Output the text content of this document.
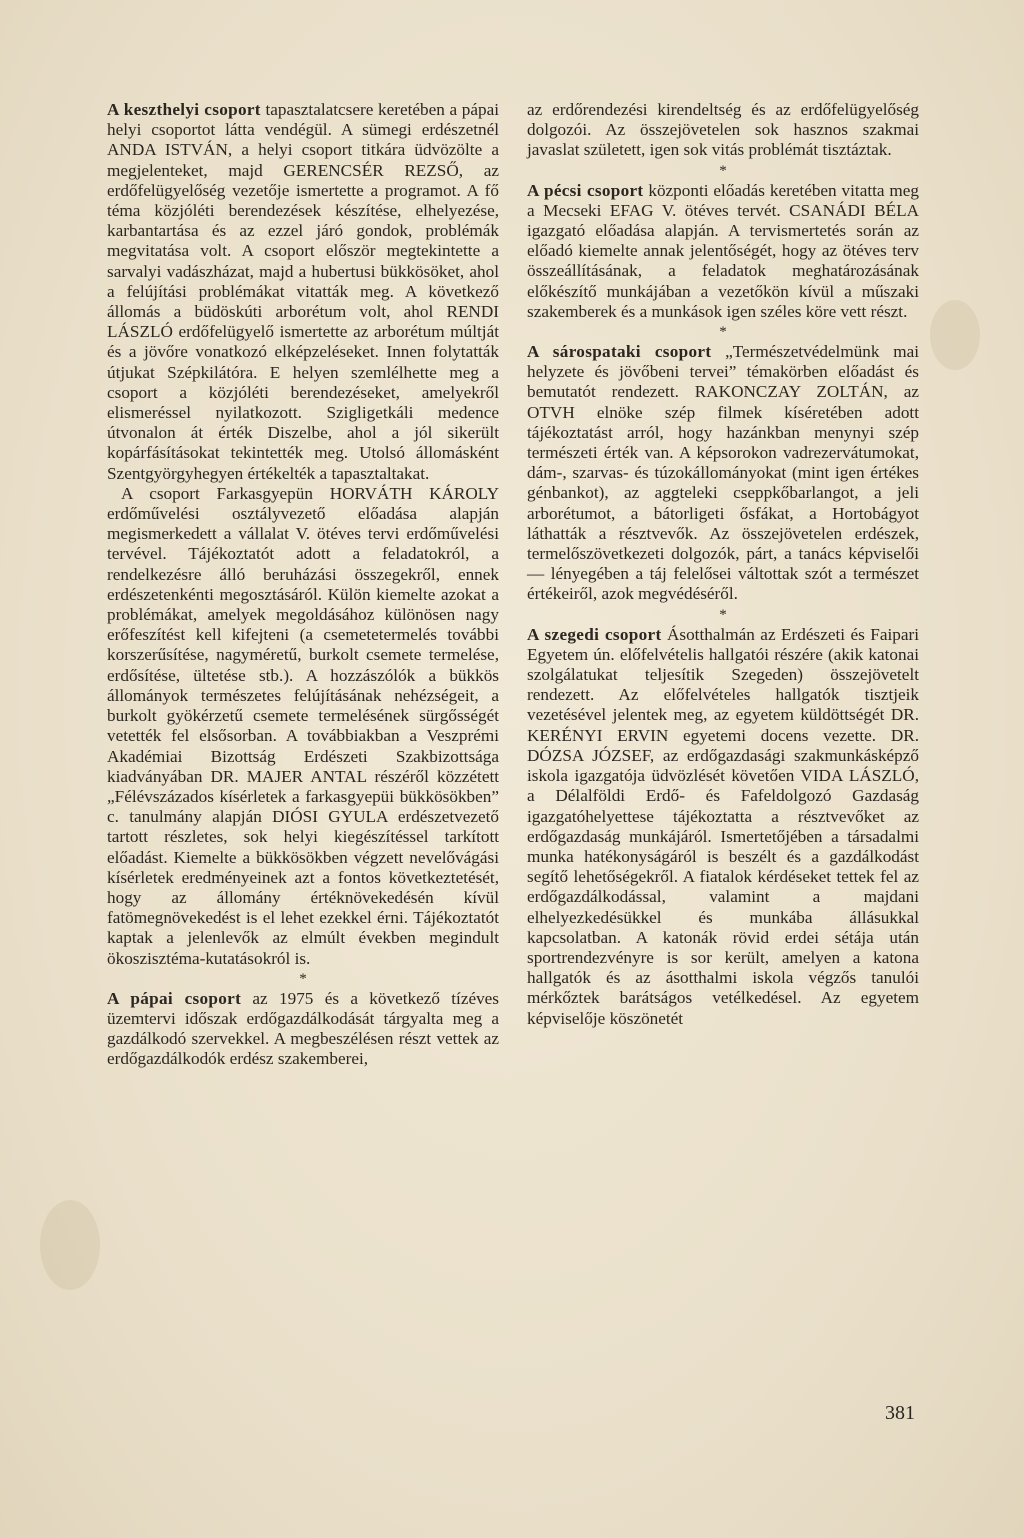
A keszthelyi csoport tapasztalatcsere keretében a pápai helyi csoportot látta vendégül. A sümegi erdészetnél ANDA ISTVÁN, a helyi csoport titkára üdvözölte a megjelenteket, majd GERENCSÉR REZSŐ, az erdőfelügyelőség vezetője ismertette a programot. A fő téma közjóléti berendezések készítése, elhelyezése, karbantartása és az ezzel járó gondok, problémák megvitatása volt. A csoport először megtekintette a sarvalyi vadászházat, majd a hubertusi bükkösöket, ahol a felújítási problémákat vitatták meg. A következő állomás a büdöskúti arborétum volt, ahol RENDI LÁSZLÓ erdőfelügyelő ismertette az arborétum múltját és a jövőre vonatkozó elképzeléseket. Innen folytatták útjukat Szépkilátóra. E helyen szemlélhette meg a csoport a közjóléti berendezéseket, amelyekről elismeréssel nyilatkozott. Szigligetkáli medence útvonalon át érték Diszelbe, ahol a jól sikerült kopárfásításokat tekintették meg. Utolsó állomásként Szentgyörgyhegyen értékelték a tapasztaltakat.

A csoport Farkasgyepün HORVÁTH KÁROLY erdőművelési osztályvezető előadása alapján megismerkedett a vállalat V. ötéves tervi erdőművelési tervével. Tájékoztatót adott a feladatokról, a rendelkezésre álló beruházási összegekről, ennek erdészetenkénti megosztásáról. Külön kiemelte azokat a problémákat, amelyek megoldásához különösen nagy erőfeszítést kell kifejteni (a csemetetermelés további korszerűsítése, nagyméretű, burkolt csemete termelése, erdősítése, ültetése stb.). A hozzászólók a bükkös állományok természetes felújításának nehézségeit, a burkolt gyökérzetű csemete termelésének sürgősségét vetették fel elsősorban. A továbbiakban a Veszprémi Akadémiai Bizottság Erdészeti Szakbizottsága kiadványában DR. MAJER ANTAL részéről közzétett „Félévszázados kísérletek a farkasgyepüi bükkösökben” c. tanulmány alapján DIÓSI GYULA erdészetvezető tartott részletes, sok helyi kiegészítéssel tarkított előadást. Kiemelte a bükkösökben végzett nevelővágási kísérletek eredményeinek azt a fontos következtetését, hogy az állomány értéknövekedésén kívül fatömegnövekedést is el lehet ezekkel érni. Tájékoztatót kaptak a jelenlevők az elmúlt években megindult ökoszisztéma-kutatásokról is.

*

A pápai csoport az 1975 és a következő tízéves üzemtervi időszak erdőgazdálkodását tárgyalta meg a gazdálkodó szervekkel. A megbeszélésen részt vettek az erdőgazdálkodók erdész szakemberei,

az erdőrendezési kirendeltség és az erdőfelügyelőség dolgozói. Az összejövetelen sok hasznos szakmai javaslat született, igen sok vitás problémát tisztáztak.

*

A pécsi csoport központi előadás keretében vitatta meg a Mecseki EFAG V. ötéves tervét. CSANÁDI BÉLA igazgató előadása alapján. A tervismertetés során az előadó kiemelte annak jelentőségét, hogy az ötéves terv összeállításának, a feladatok meghatározásának előkészítő munkájában a vezetőkön kívül a műszaki szakemberek és a munkások igen széles köre vett részt.

*

A sárospataki csoport „Természetvédelmünk mai helyzete és jövőbeni tervei” témakörben előadást és bemutatót rendezett. RAKONCZAY ZOLTÁN, az OTVH elnöke szép filmek kíséretében adott tájékoztatást arról, hogy hazánkban menynyi szép természeti érték van. A képsorokon vadrezervátumokat, dám-, szarvas- és túzokállományokat (mint igen értékes génbankot), az aggteleki cseppkőbarlangot, a jeli arborétumot, a bátorligeti ősfákat, a Hortobágyot láthatták a résztvevők. Az összejövetelen erdészek, termelőszövetkezeti dolgozók, párt, a tanács képviselői — lényegében a táj felelősei váltottak szót a természet értékeiről, azok megvédéséről.

*

A szegedi csoport Ásotthalmán az Erdészeti és Faipari Egyetem ún. előfelvételis hallgatói részére (akik katonai szolgálatukat teljesítik Szegeden) összejövetelt rendezett. Az előfelvételes hallgatók tisztjeik vezetésével jelentek meg, az egyetem küldöttségét DR. KERÉNYI ERVIN egyetemi docens vezette. DR. DÓZSA JÓZSEF, az erdőgazdasági szakmunkásképző iskola igazgatója üdvözlését követően VIDA LÁSZLÓ, a Délalföldi Erdő- és Fafeldolgozó Gazdaság igazgatóhelyettese tájékoztatta a résztvevőket az erdőgazdaság munkájáról. Ismertetőjében a társadalmi munka hatékonyságáról is beszélt és a gazdálkodást segítő lehetőségekről. A fiatalok kérdéseket tettek fel az erdőgazdálkodással, valamint a majdani elhelyezkedésükkel és munkába állásukkal kapcsolatban. A katonák rövid erdei sétája után sportrendezvényre is sor került, amelyen a katona hallgatók és az ásotthalmi iskola végzős tanulói mérkőztek barátságos vetélkedésel. Az egyetem képviselője köszönetét

381
